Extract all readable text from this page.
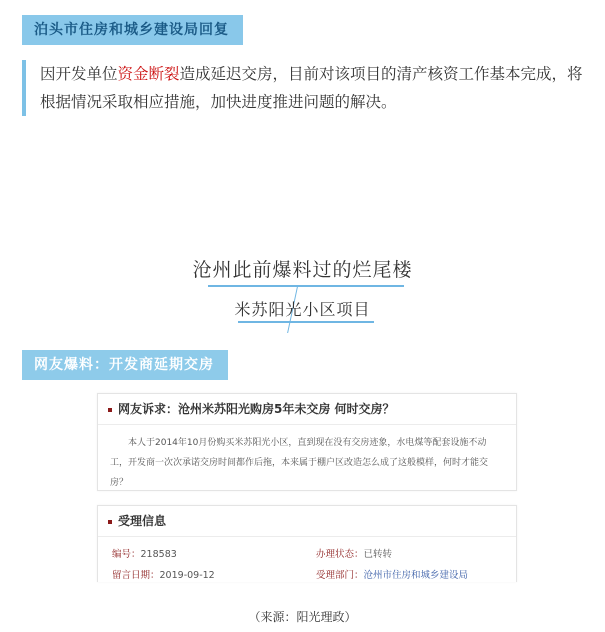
泊头市住房和城乡建设局回复
因开发单位资金断裂造成延迟交房，目前对该项目的清产核资工作基本完成，将根据情况采取相应措施，加快进度推进问题的解决。
沧州此前爆料过的烂尾楼
米苏阳光小区项目
网友爆料：开发商延期交房
网友诉求：沧州米苏阳光购房5年未交房 何时交房？
本人于2014年10月份购买米苏阳光小区，直到现在没有交房迹象，水电煤等配套设施不动工，开发商一次次承诺交房时间都作后拖，本来属于棚户区改造怎么成了这般模样，何时才能交房？
受理信息
编号：218583	办理状态：已转转
留言日期：2019-09-12	受理部门：沧州市住房和城乡建设局
（来源：阳光理政）
